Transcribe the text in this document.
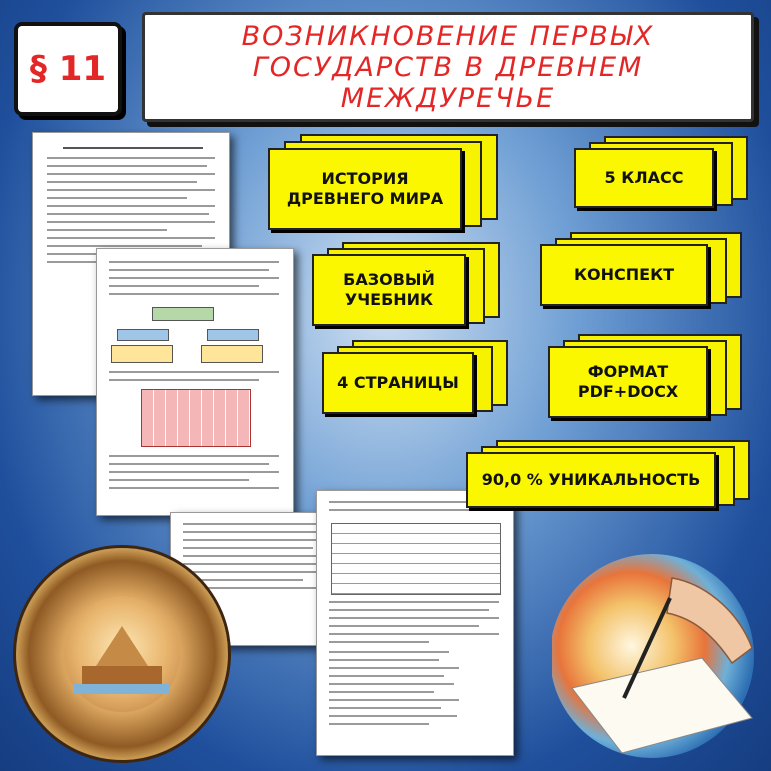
§ 11
ВОЗНИКНОВЕНИЕ ПЕРВЫХ
ГОСУДАРСТВ В ДРЕВНЕМ
МЕЖДУРЕЧЬЕ
ИСТОРИЯ
ДРЕВНЕГО МИРА
5 КЛАСС
БАЗОВЫЙ
УЧЕБНИК
КОНСПЕКТ
4 СТРАНИЦЫ
ФОРМАТ
PDF+DOCX
90,0 % УНИКАЛЬНОСТЬ
